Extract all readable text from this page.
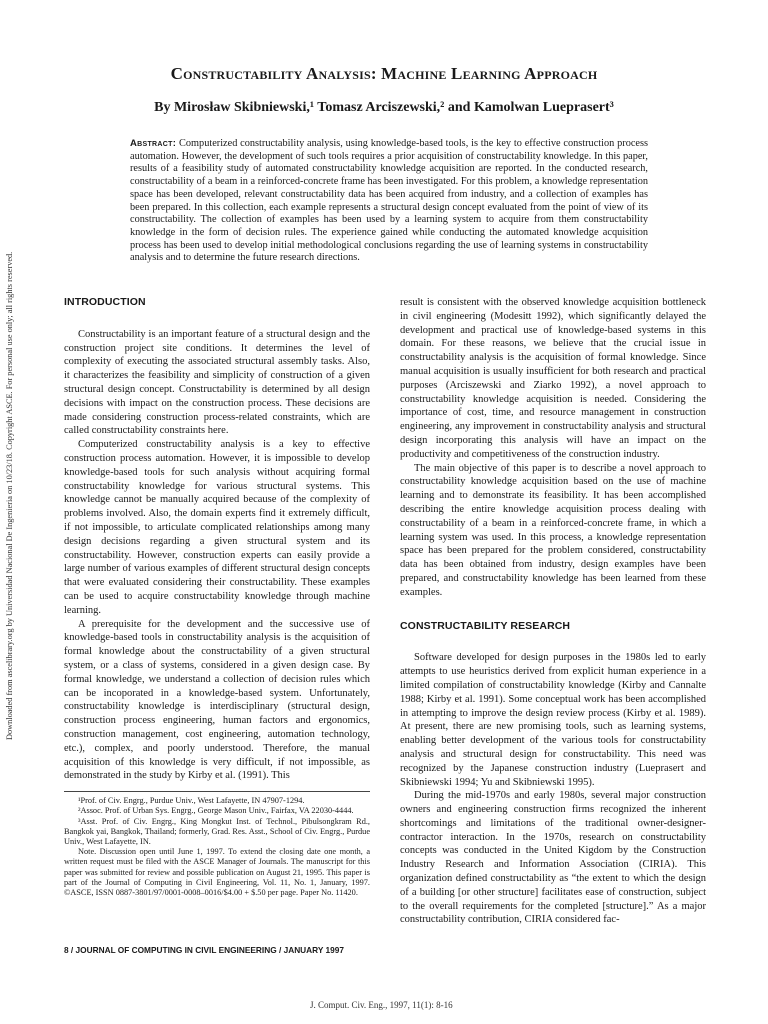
Downloaded from ascelibrary.org by Universidad Nacional De Ingenieria on 10/23/18. Copyright ASCE. For personal use only; all rights reserved.
Constructability Analysis: Machine Learning Approach
By Mirosław Skibniewski,¹ Tomasz Arciszewski,² and Kamolwan Lueprasert³
Abstract: Computerized constructability analysis, using knowledge-based tools, is the key to effective construction process automation. However, the development of such tools requires a prior acquisition of constructability knowledge. In this paper, results of a feasibility study of automated constructability knowledge acquisition are reported. In the conducted research, constructability of a beam in a reinforced-concrete frame has been investigated. For this problem, a knowledge representation space has been developed, relevant constructability data has been acquired from industry, and a collection of examples has been prepared. In this collection, each example represents a structural design concept evaluated from the point of view of its constructability. The collection of examples has been used by a learning system to acquire from them constructability knowledge in the form of decision rules. The experience gained while conducting the automated knowledge acquisition process has been used to develop initial methodological conclusions regarding the use of learning systems in constructability analysis and to determine the future research directions.
INTRODUCTION

Constructability is an important feature of a structural design and the construction project site conditions. It determines the level of complexity of executing the associated structural assembly tasks. Also, it characterizes the feasibility and simplicity of construction of a given structural design concept. Constructability is determined by all design decisions with impact on the construction process. These decisions are made considering construction process-related constraints, which are called constructability constraints here.

Computerized constructability analysis is a key to effective construction process automation. However, it is impossible to develop knowledge-based tools for such analysis without acquiring formal constructability knowledge for various structural systems. This knowledge cannot be manually acquired because of the complexity of problems involved. Also, the domain experts find it extremely difficult, if not impossible, to articulate complicated relationships among many design decisions regarding a given structural system and its constructability. However, construction experts can easily provide a large number of various examples of different structural design concepts that were evaluated considering their constructability. These examples can be used to acquire constructability knowledge through machine learning.

A prerequisite for the development and the successive use of knowledge-based tools in constructability analysis is the acquisition of formal knowledge about the constructability of a given structural system, or a class of systems, considered in a given design case. By formal knowledge, we understand a collection of decision rules which can be incoporated in a knowledge-based system. Unfortunately, constructability knowledge is interdisciplinary (structural design, construction process engineering, human factors and ergonomics, construction management, cost engineering, automation technology, etc.), complex, and poorly understood. Therefore, the manual acquisition of this knowledge is very difficult, if not impossible, as demonstrated in the study by Kirby et al. (1991). This

¹Prof. of Civ. Engrg., Purdue Univ., West Lafayette, IN 47907-1294.

²Assoc. Prof. of Urban Sys. Engrg., George Mason Univ., Fairfax, VA 22030-4444.

³Asst. Prof. of Civ. Engrg., King Mongkut Inst. of Technol., Pibulsongkram Rd., Bangkok yai, Bangkok, Thailand; formerly, Grad. Res. Asst., School of Civ. Engrg., Purdue Univ., West Lafayette, IN.

Note. Discussion open until June 1, 1997. To extend the closing date one month, a written request must be filed with the ASCE Manager of Journals. The manuscript for this paper was submitted for review and possible publication on August 21, 1995. This paper is part of the Journal of Computing in Civil Engineering, Vol. 11, No. 1, January, 1997. ©ASCE, ISSN 0887-3801/97/0001-0008–0016/$4.00 + $.50 per page. Paper No. 11420.

result is consistent with the observed knowledge acquisition bottleneck in civil engineering (Modesitt 1992), which significantly delayed the development and practical use of knowledge-based systems in this domain. For these reasons, we believe that the crucial issue in constructability analysis is the acquisition of formal knowledge. Since manual acquisition is usually insufficient for both research and practical purposes (Arciszewski and Ziarko 1992), a novel approach to constructability knowledge acquisition is needed. Considering the importance of cost, time, and resource management in construction engineering, any improvement in constructability analysis and structural design incorporating this analysis will have an impact on the productivity and competitiveness of the construction industry.

The main objective of this paper is to describe a novel approach to constructability knowledge acquisition based on the use of machine learning and to demonstrate its feasibility. It has been accomplished describing the entire knowledge acquisition process dealing with constructability of a beam in a reinforced-concrete frame, in which a learning system was used. In this process, a knowledge representation space has been prepared for the problem considered, constructability data has been obtained from industry, design examples have been prepared, and constructability knowledge has been learned from these examples.

CONSTRUCTABILITY RESEARCH

Software developed for design purposes in the 1980s led to early attempts to use heuristics derived from explicit human experience in a limited compilation of constructability knowledge (Kirby and Cannalte 1988; Kirby et al. 1991). Some conceptual work has been accomplished in attempting to improve the design review process (Kirby et al. 1989). At present, there are new promising tools, such as learning systems, enabling better development of the various tools for constructability analysis and structural design for constructability. This need was recognized by the Japanese construction industry (Lueprasert and Skibniewski 1994; Yu and Skibniewski 1995).

During the mid-1970s and early 1980s, several major construction owners and engineering construction firms recognized the inherent shortcomings and limitations of the traditional owner-designer-contractor interaction. In the 1970s, research on constructability concepts was conducted in the United Kigdom by the Construction Industry Research and Information Association (CIRIA). This organization defined constructability as “the extent to which the design of a building [or other structure] facilitates ease of construction, subject to the overall requirements for the completed [structure].” As a major constructability contribution, CIRIA considered fac-

8 / JOURNAL OF COMPUTING IN CIVIL ENGINEERING / JANUARY 1997
J. Comput. Civ. Eng., 1997, 11(1): 8-16
